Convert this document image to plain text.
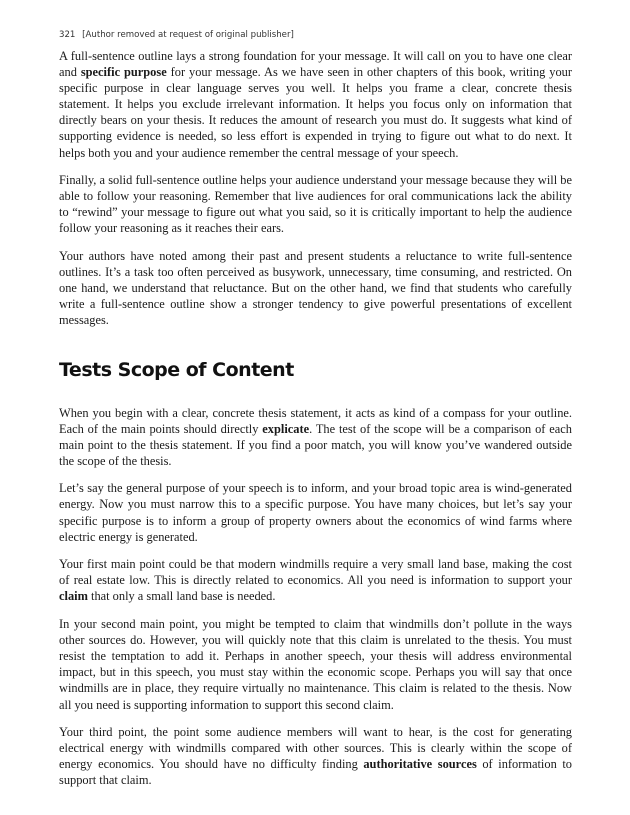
321 [Author removed at request of original publisher]

A full-sentence outline lays a strong foundation for your message. It will call on you to have one clear and specific purpose for your message. As we have seen in other chapters of this book, writing your specific purpose in clear language serves you well. It helps you frame a clear, concrete thesis statement. It helps you exclude irrelevant information. It helps you focus only on information that directly bears on your thesis. It reduces the amount of research you must do. It suggests what kind of supporting evidence is needed, so less effort is expended in trying to figure out what to do next. It helps both you and your audience remember the central message of your speech.

Finally, a solid full-sentence outline helps your audience understand your message because they will be able to follow your reasoning. Remember that live audiences for oral communications lack the ability to “rewind” your message to figure out what you said, so it is critically important to help the audience follow your reasoning as it reaches their ears.

Your authors have noted among their past and present students a reluctance to write full-sentence outlines. It’s a task too often perceived as busywork, unnecessary, time consuming, and restricted. On one hand, we understand that reluctance. But on the other hand, we find that students who carefully write a full-sentence outline show a stronger tendency to give powerful presentations of excellent messages.

Tests Scope of Content

When you begin with a clear, concrete thesis statement, it acts as kind of a compass for your outline. Each of the main points should directly explicate. The test of the scope will be a comparison of each main point to the thesis statement. If you find a poor match, you will know you’ve wandered outside the scope of the thesis.

Let’s say the general purpose of your speech is to inform, and your broad topic area is wind-generated energy. Now you must narrow this to a specific purpose. You have many choices, but let’s say your specific purpose is to inform a group of property owners about the economics of wind farms where electric energy is generated.

Your first main point could be that modern windmills require a very small land base, making the cost of real estate low. This is directly related to economics. All you need is information to support your claim that only a small land base is needed.

In your second main point, you might be tempted to claim that windmills don’t pollute in the ways other sources do. However, you will quickly note that this claim is unrelated to the thesis. You must resist the temptation to add it. Perhaps in another speech, your thesis will address environmental impact, but in this speech, you must stay within the economic scope. Perhaps you will say that once windmills are in place, they require virtually no maintenance. This claim is related to the thesis. Now all you need is supporting information to support this second claim.

Your third point, the point some audience members will want to hear, is the cost for generating electrical energy with windmills compared with other sources. This is clearly within the scope of energy economics. You should have no difficulty finding authoritative sources of information to support that claim.
